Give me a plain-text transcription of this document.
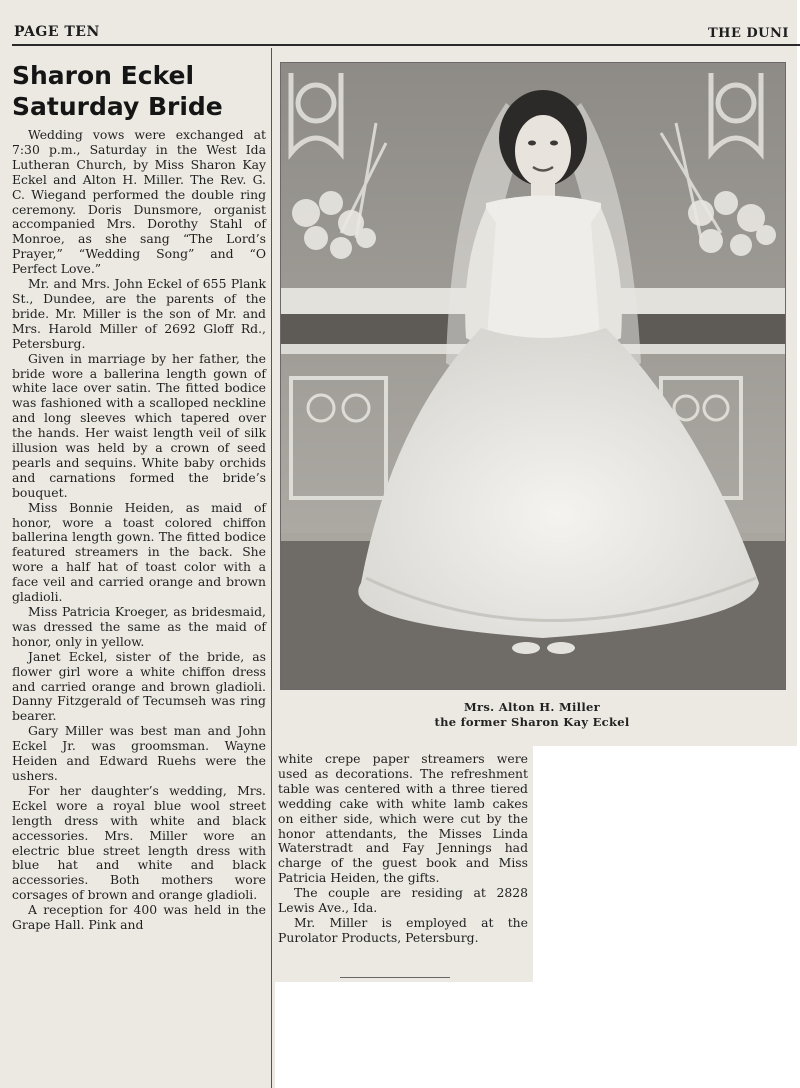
PAGE TEN	THE DUNI
Sharon Eckel
Saturday Bride

Wedding vows were exchanged at 7:30 p.m., Saturday in the West Ida Lutheran Church, by Miss Sharon Kay Eckel and Alton H. Miller. The Rev. G. C. Wiegand performed the double ring ceremony. Doris Dunsmore, organist accompanied Mrs. Dorothy Stahl of Monroe, as she sang “The Lord’s Prayer,” “Wedding Song” and “O Perfect Love.”

Mr. and Mrs. John Eckel of 655 Plank St., Dundee, are the parents of the bride. Mr. Miller is the son of Mr. and Mrs. Harold Miller of 2692 Gloff Rd., Petersburg.

Given in marriage by her father, the bride wore a ballerina length gown of white lace over satin. The fitted bodice was fashioned with a scalloped neckline and long sleeves which tapered over the hands. Her waist length veil of silk illusion was held by a crown of seed pearls and sequins. White baby orchids and carnations formed the bride’s bouquet.

Miss Bonnie Heiden, as maid of honor, wore a toast colored chiffon ballerina length gown. The fitted bodice featured streamers in the back. She wore a half hat of toast color with a face veil and carried orange and brown gladioli.

Miss Patricia Kroeger, as bridesmaid, was dressed the same as the maid of honor, only in yellow.

Janet Eckel, sister of the bride, as flower girl wore a white chiffon dress and carried orange and brown gladioli. Danny Fitzgerald of Tecumseh was ring bearer.

Gary Miller was best man and John Eckel Jr. was groomsman. Wayne Heiden and Edward Ruehs were the ushers.

For her daughter’s wedding, Mrs. Eckel wore a royal blue wool street length dress with white and black accessories. Mrs. Miller wore an electric blue street length dress with blue hat and white and black accessories. Both mothers wore corsages of brown and orange gladioli.

A reception for 400 was held in the Grape Hall. Pink and

Mrs. Alton H. Miller
the former Sharon Kay Eckel

white crepe paper streamers were used as decorations. The refreshment table was centered with a three tiered wedding cake with white lamb cakes on either side, which were cut by the honor attendants, the Misses Linda Waterstradt and Fay Jennings had charge of the guest book and Miss Patricia Heiden, the gifts.

The couple are residing at 2828 Lewis Ave., Ida.

Mr. Miller is employed at the Purolator Products, Petersburg.
